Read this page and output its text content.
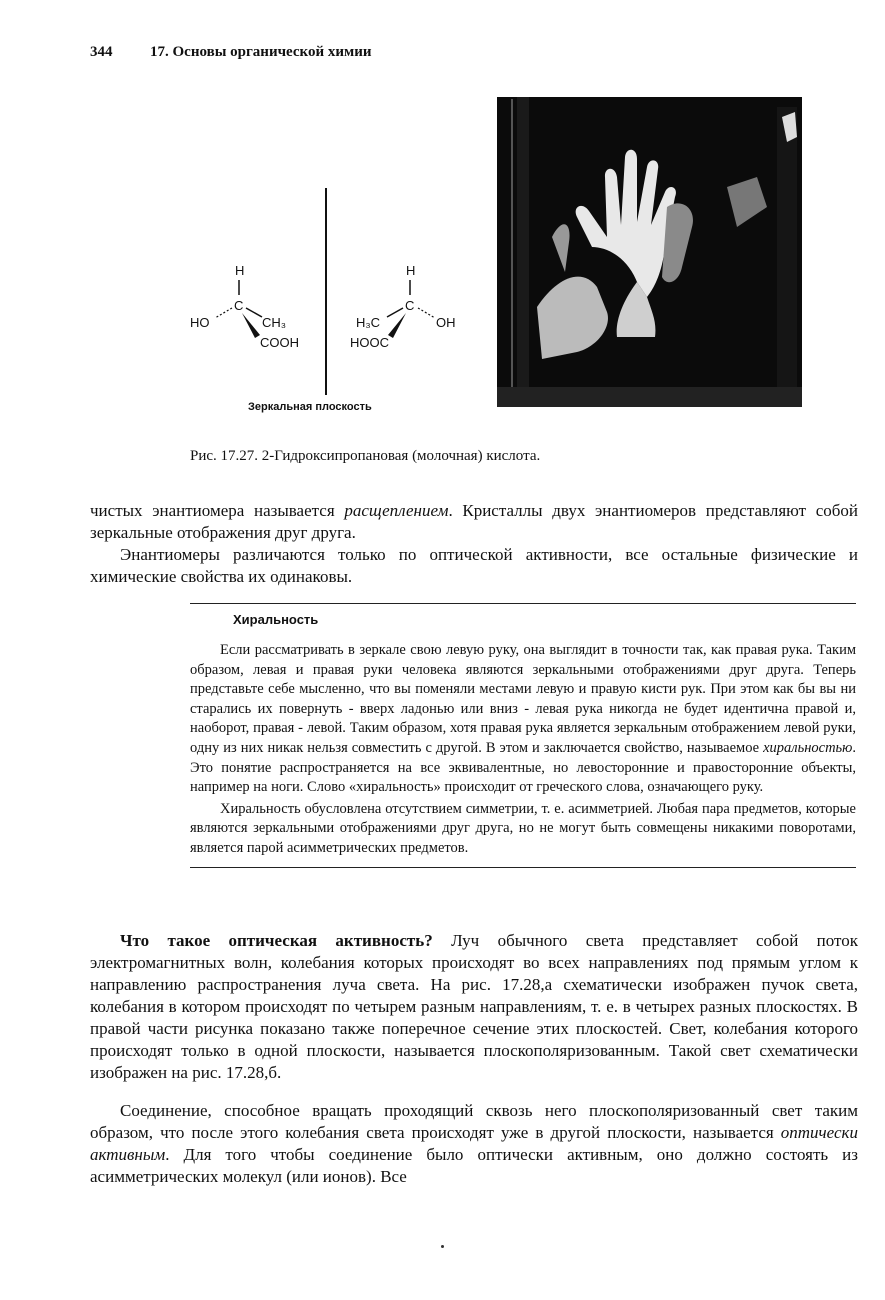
344	17. Основы органической химии
H
C
HO	CH₃
COOH
H
C
OH
H₃C
HOOC
Зеркальная плоскость
Рис. 17.27. 2-Гидроксипропановая (молочная) кислота.

чистых энантиомера называется расщеплением. Кристаллы двух энантиомеров представляют собой зеркальные отображения друг друга.

Энантиомеры различаются только по оптической активности, все остальные физические и химические свойства их одинаковы.

Хиральность

Если рассматривать в зеркале свою левую руку, она выглядит в точности так, как правая рука. Таким образом, левая и правая руки человека являются зеркальными отображениями друг друга. Теперь представьте себе мысленно, что вы поменяли местами левую и правую кисти рук. При этом как бы вы ни старались их повернуть - вверх ладонью или вниз - левая рука никогда не будет идентична правой и, наоборот, правая - левой. Таким образом, хотя правая рука является зеркальным отображением левой руки, одну из них никак нельзя совместить с другой. В этом и заключается свойство, называемое хиральностью. Это понятие распространяется на все эквивалентные, но левосторонние и правосторонние объекты, например на ноги. Слово «хиральность» происходит от греческого слова, означающего руку.

Хиральность обусловлена отсутствием симметрии, т. е. асимметрией. Любая пара предметов, которые являются зеркальными отображениями друг друга, но не могут быть совмещены никакими поворотами, является парой асимметрических предметов.

Что такое оптическая активность? Луч обычного света представляет собой поток электромагнитных волн, колебания которых происходят во всех направлениях под прямым углом к направлению распространения луча света. На рис. 17.28,а схематически изображен пучок света, колебания в котором происходят по четырем разным направлениям, т. е. в четырех разных плоскостях. В правой части рисунка показано также поперечное сечение этих плоскостей. Свет, колебания которого происходят только в одной плоскости, называется плоскополяризованным. Такой свет схематически изображен на рис. 17.28,б.

Соединение, способное вращать проходящий сквозь него плоскополяризованный свет таким образом, что после этого колебания света происходят уже в другой плоскости, называется оптически активным. Для того чтобы соединение было оптически активным, оно должно состоять из асимметрических молекул (или ионов). Все
